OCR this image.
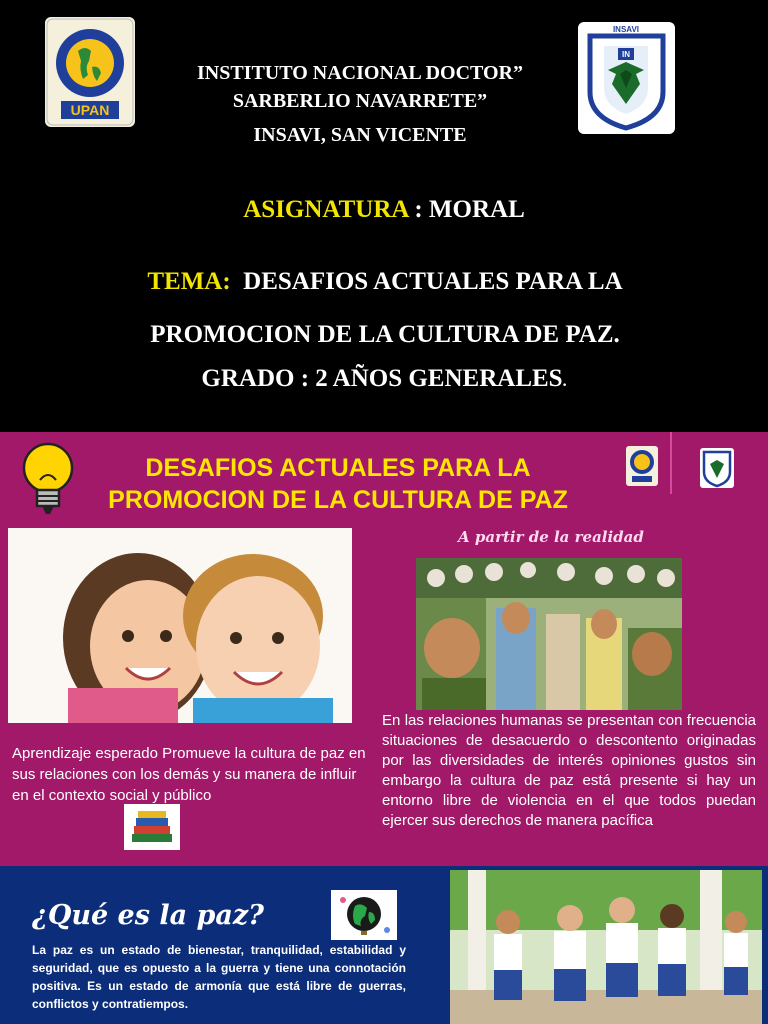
UPAN
INSAVI
IN
INSTITUTO NACIONAL DOCTOR”
SARBERLIO NAVARRETE”
INSAVI, SAN VICENTE
ASIGNATURA : MORAL
TEMA: DESAFIOS ACTUALES PARA LA
PROMOCION DE LA CULTURA DE PAZ.
GRADO : 2 AÑOS GENERALES.
DESAFIOS ACTUALES PARA LA
PROMOCION DE LA CULTURA DE PAZ
A partir de la realidad
Aprendizaje esperado Promueve la cultura de paz en sus relaciones con los demás y su manera de influir en el contexto social y público
En las relaciones humanas se presentan con frecuencia situaciones de desacuerdo o descontento originadas por las diversidades de interés opiniones gustos sin embargo la cultura de paz está presente si hay un entorno libre de violencia en el que todos puedan ejercer sus derechos de manera pacífica
¿Qué es la paz?
La paz es un estado de bienestar, tranquilidad, estabilidad y seguridad, que es opuesto a la guerra y tiene una connotación positiva. Es un estado de armonía que está libre de guerras, conflictos y contratiempos.
